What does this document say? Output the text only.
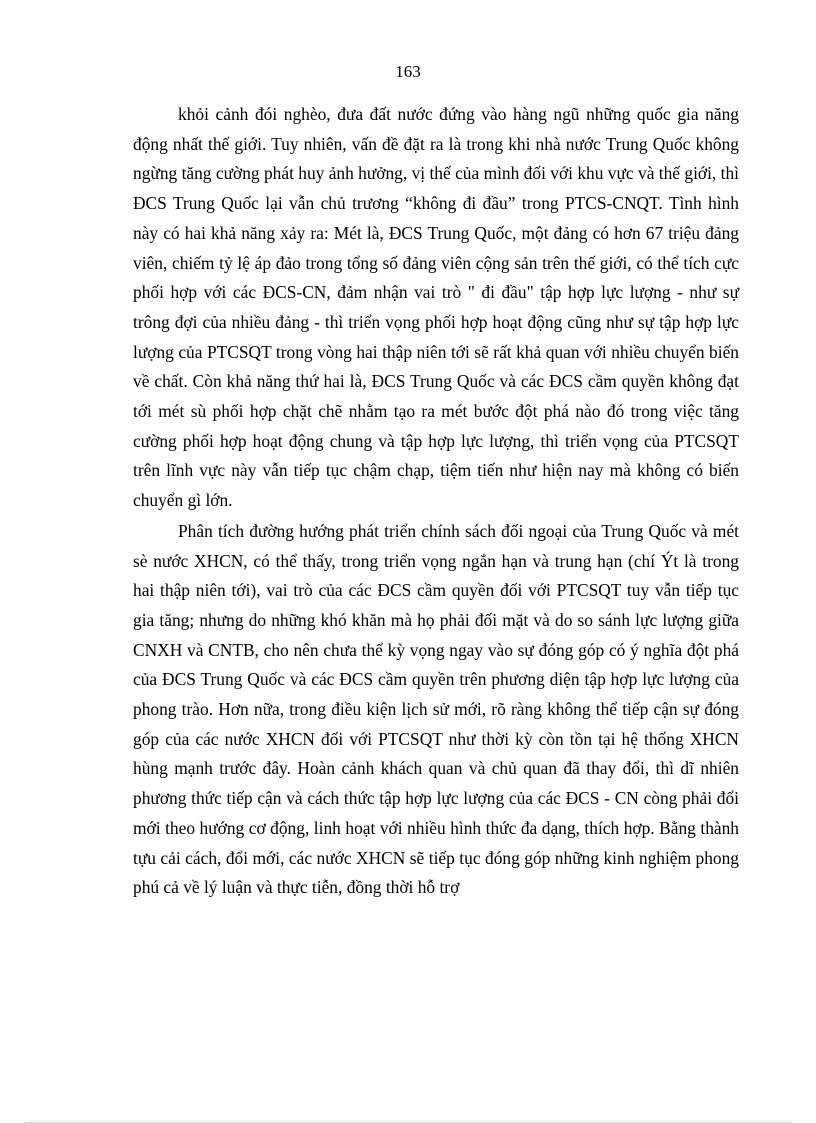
163

khỏi cảnh đói nghèo, đưa đất nước đứng vào hàng ngũ những quốc gia năng động nhất thế giới. Tuy nhiên, vấn đề đặt ra là trong khi nhà nước Trung Quốc không ngừng tăng cường phát huy ảnh hưởng, vị thế của mình đối với khu vực và thế giới, thì ĐCS Trung Quốc lại vẫn chủ trương “không đi đầu” trong PTCS-CNQT. Tình hình này có hai khả năng xảy ra: Mét là, ĐCS Trung Quốc, một đảng có hơn 67 triệu đảng viên, chiếm tỷ lệ áp đảo trong tổng số đảng viên cộng sản trên thế giới, có thể tích cực phối hợp với các ĐCS-CN, đảm nhận vai trò " đi đầu" tập hợp lực lượng - như sự trông đợi của nhiều đảng - thì triển vọng phối hợp hoạt động cũng như sự tập hợp lực lượng của PTCSQT trong vòng hai thập niên tới sẽ rất khả quan với nhiều chuyển biến về chất. Còn khả năng thứ hai là, ĐCS Trung Quốc và các ĐCS cầm quyền không đạt tới mét sù phối hợp chặt chẽ nhằm tạo ra mét bước đột phá nào đó trong việc tăng cường phối hợp hoạt động chung và tập hợp lực lượng, thì triển vọng của PTCSQT trên lĩnh vực này vẫn tiếp tục chậm chạp, tiệm tiến như hiện nay mà không có biến chuyển gì lớn.

Phân tích đường hướng phát triển chính sách đối ngoại của Trung Quốc và mét sè nước XHCN, có thể thấy, trong triển vọng ngắn hạn và trung hạn (chí Ýt là trong hai thập niên tới), vai trò của các ĐCS cầm quyền đối với PTCSQT tuy vẫn tiếp tục gia tăng; nhưng do những khó khăn mà họ phải đối mặt và do so sánh lực lượng giữa CNXH và CNTB, cho nên chưa thể kỳ vọng ngay vào sự đóng góp có ý nghĩa đột phá của ĐCS Trung Quốc và các ĐCS cầm quyền trên phương diện tập hợp lực lượng của phong trào. Hơn nữa, trong điều kiện lịch sử mới, rõ ràng không thể tiếp cận sự đóng góp của các nước XHCN đối với PTCSQT như thời kỳ còn tồn tại hệ thống XHCN hùng mạnh trước đây. Hoàn cảnh khách quan và chủ quan đã thay đổi, thì dĩ nhiên phương thức tiếp cận và cách thức tập hợp lực lượng của các ĐCS - CN còng phải đổi mới theo hướng cơ động, linh hoạt với nhiều hình thức đa dạng, thích hợp. Bằng thành tựu cải cách, đổi mới, các nước XHCN sẽ tiếp tục đóng góp những kinh nghiệm phong phú cả về lý luận và thực tiễn, đồng thời hỗ trợ
